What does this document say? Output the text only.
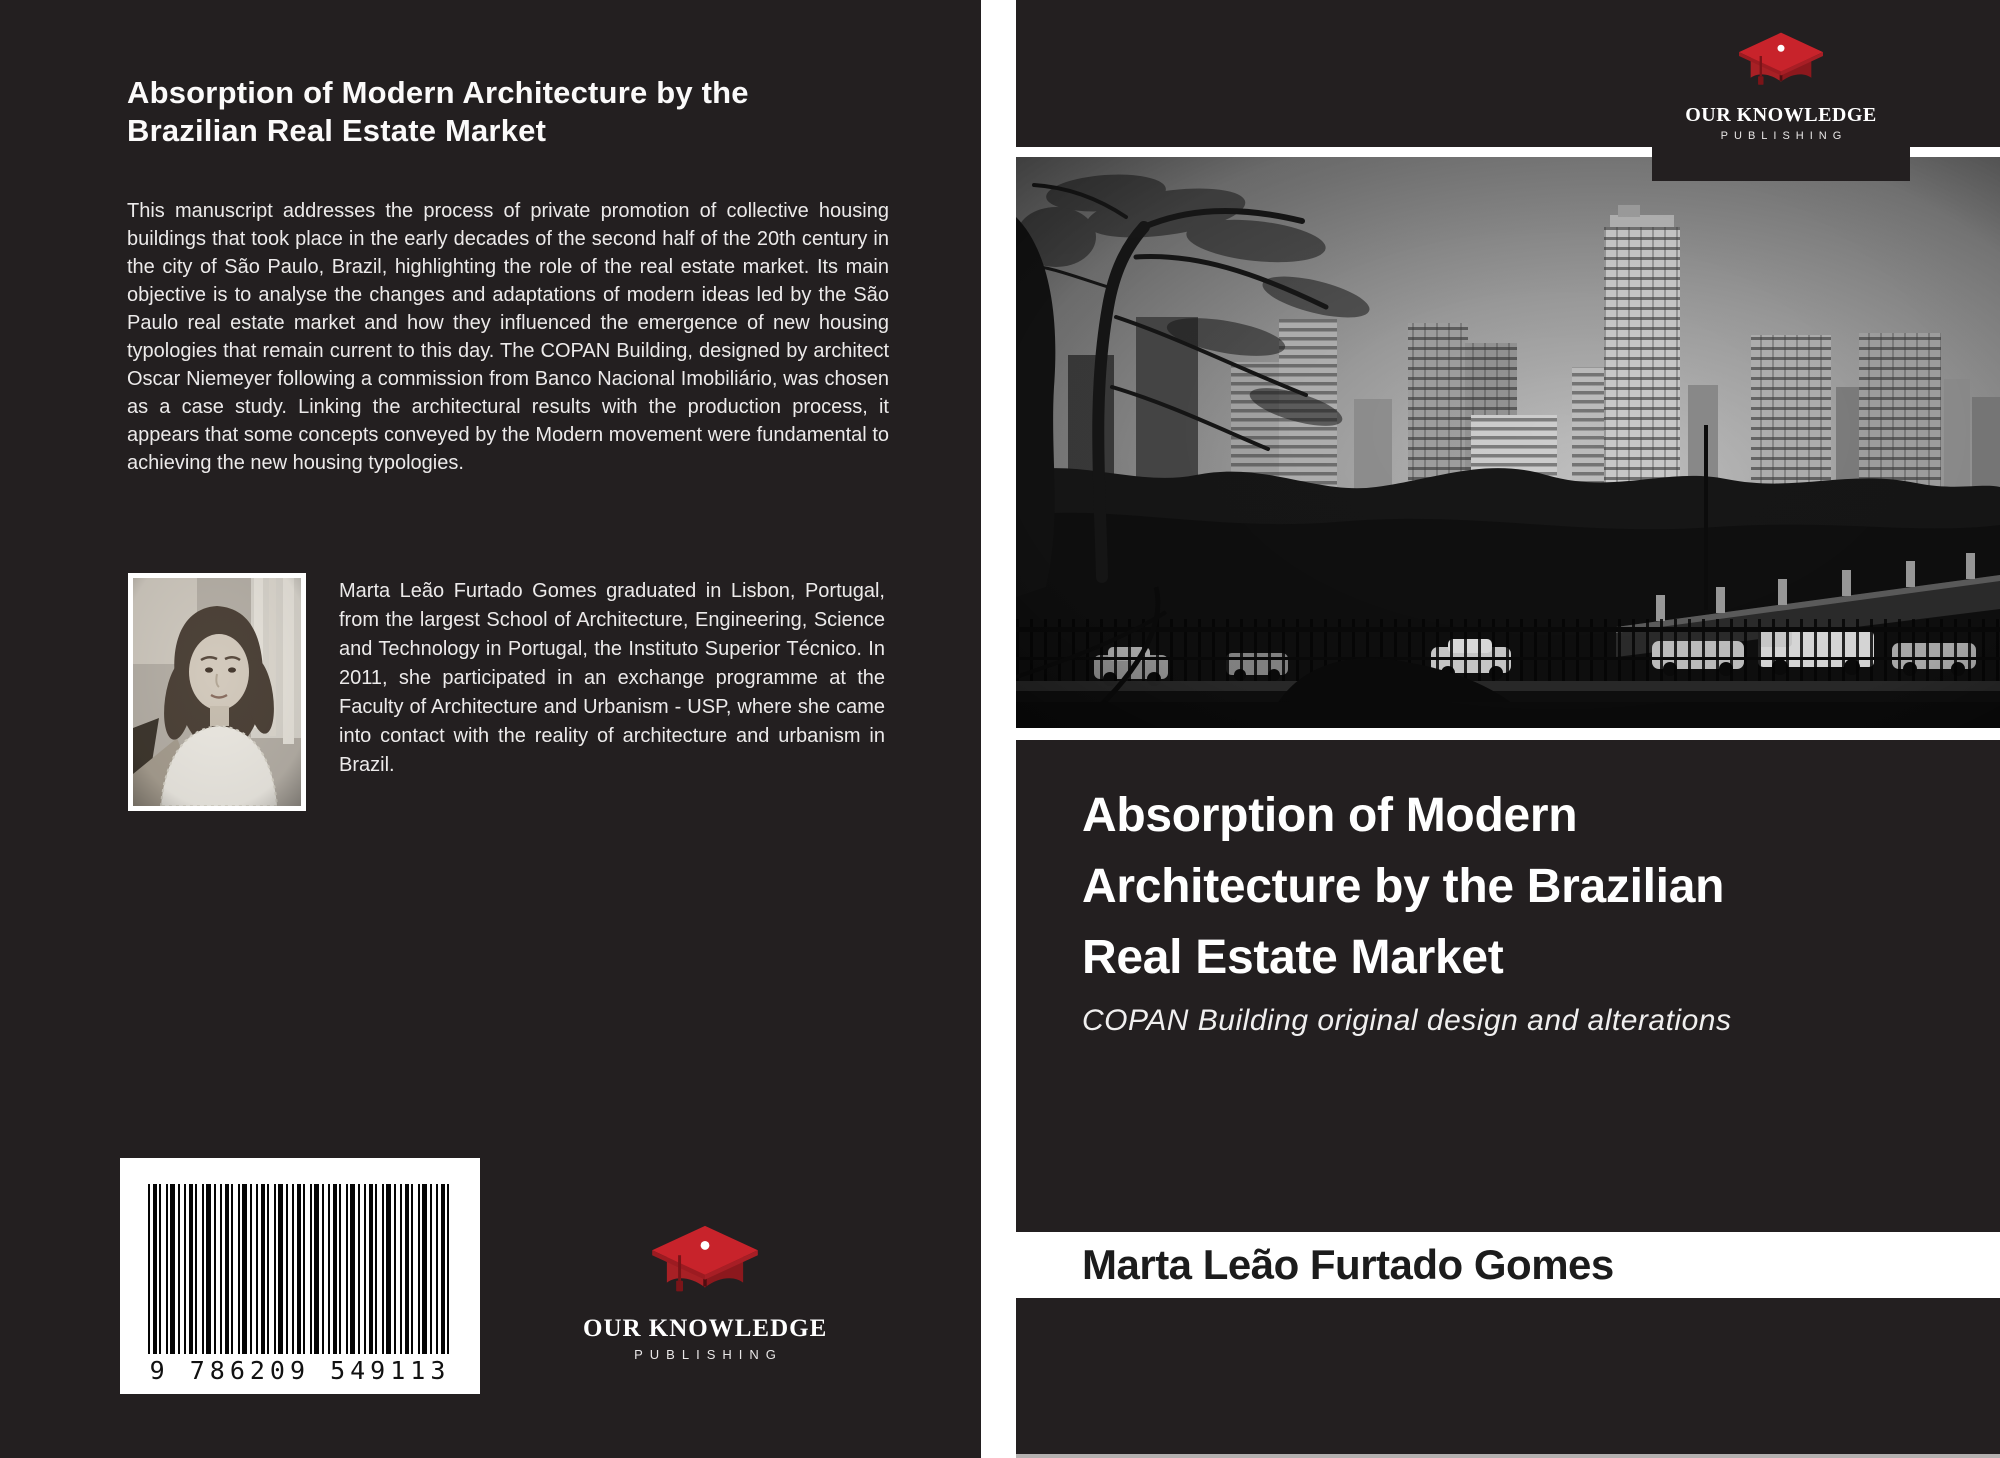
Absorption of Modern Architecture by the
Brazilian Real Estate Market
This manuscript addresses the process of private promotion of collective housing buildings that took place in the early decades of the second half of the 20th century in the city of São Paulo, Brazil, highlighting the role of the real estate market. Its main objective is to analyse the changes and adaptations of modern ideas led by the São Paulo real estate market and how they influenced the emergence of new housing typologies that remain current to this day. The COPAN Building, designed by architect Oscar Niemeyer following a commission from Banco Nacional Imobiliário, was chosen as a case study. Linking the architectural results with the production process, it appears that some concepts conveyed by the Modern movement were fundamental to achieving the new housing typologies.
Marta Leão Furtado Gomes graduated in Lisbon, Portugal, from the largest School of Architecture, Engineering, Science and Technology in Portugal, the Instituto Superior Técnico. In 2011, she participated in an exchange programme at the Faculty of Architecture and Urbanism - USP, where she came into contact with the reality of architecture and urbanism in Brazil.
9 786209 549113
OUR KNOWLEDGE
PUBLISHING
OUR KNOWLEDGE
PUBLISHING
Absorption of Modern
Architecture by the Brazilian
Real Estate Market
COPAN Building original design and alterations
Marta Leão Furtado Gomes
